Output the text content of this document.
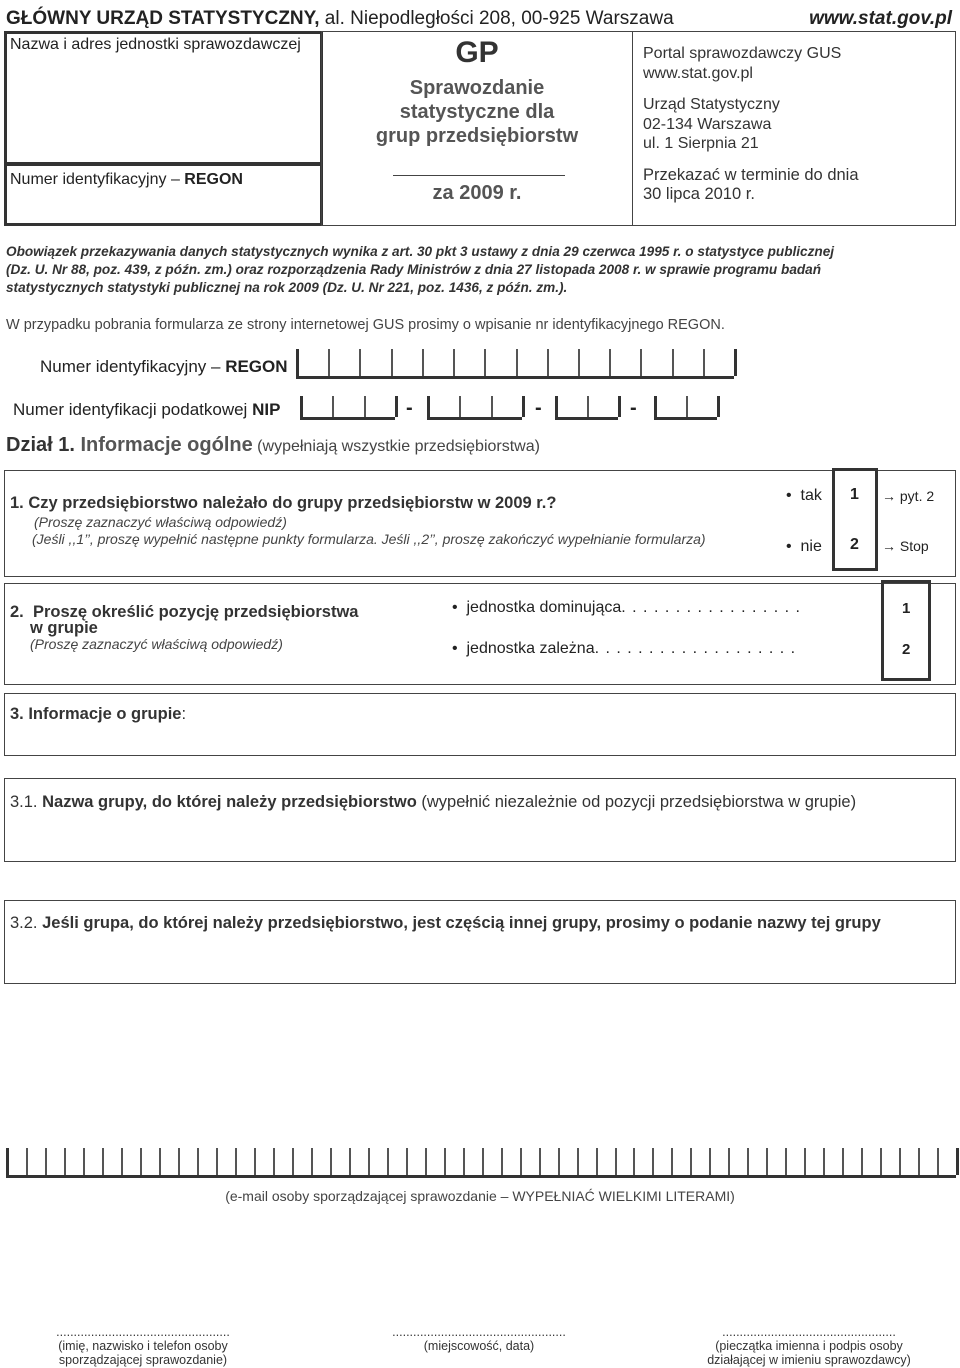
GŁÓWNY URZĄD STATYSTYCZNY, al. Niepodległości 208, 00-925 Warszawa	www.stat.gov.pl
Nazwa i adres jednostki sprawozdawczej
Numer identyfikacyjny – REGON
GP
Sprawozdanie
statystyczne dla
grup przedsiębiorstw
za 2009 r.
Portal sprawozdawczy GUS
www.stat.gov.pl
Urząd Statystyczny
02-134 Warszawa
ul. 1 Sierpnia 21
Przekazać w terminie do dnia
30 lipca 2010 r.
Obowiązek przekazywania danych statystycznych wynika z art. 30 pkt 3 ustawy z dnia 29 czerwca 1995 r. o statystyce publicznej
(Dz. U. Nr 88, poz. 439, z późn. zm.) oraz rozporządzenia Rady Ministrów z dnia 27 listopada 2008 r. w sprawie programu badań
statystycznych statystyki publicznej na rok 2009 (Dz. U. Nr 221, poz. 1436, z późn. zm.).
W przypadku pobrania formularza ze strony internetowej GUS prosimy o wpisanie nr identyfikacyjnego REGON.
Numer identyfikacyjny – REGON
Numer identyfikacji podatkowej NIP	-	-	-
Dział 1. Informacje ogólne (wypełniają wszystkie przedsiębiorstwa)
1. Czy przedsiębiorstwo należało do grupy przedsiębiorstw w 2009 r.?
(Proszę zaznaczyć właściwą odpowiedź)
(Jeśli ,,1’’, proszę wypełnić następne punkty formularza. Jeśli ,,2’’, proszę zakończyć wypełnianie formularza)
• tak
• nie
1
2
→ pyt. 2
→ Stop
2. Proszę określić pozycję przedsiębiorstwa
w grupie
(Proszę zaznaczyć właściwą odpowiedź)
• jednostka dominująca. . . . . . . . . . . . . . . . .
• jednostka zależna. . . . . . . . . . . . . . . . . . .
1
2
3. Informacje o grupie:
3.1. Nazwa grupy, do której należy przedsiębiorstwo (wypełnić niezależnie od pozycji przedsiębiorstwa w grupie)
3.2. Jeśli grupa, do której należy przedsiębiorstwo, jest częścią innej grupy, prosimy o podanie nazwy tej grupy
(e-mail osoby sporządzającej sprawozdanie – WYPEŁNIAĆ WIELKIMI LITERAMI)
..................................................
(imię, nazwisko i telefon osoby
sporządzającej sprawozdanie)
..................................................
(miejscowość, data)
..................................................
(pieczątka imienna i podpis osoby
działającej w imieniu sprawozdawcy)
